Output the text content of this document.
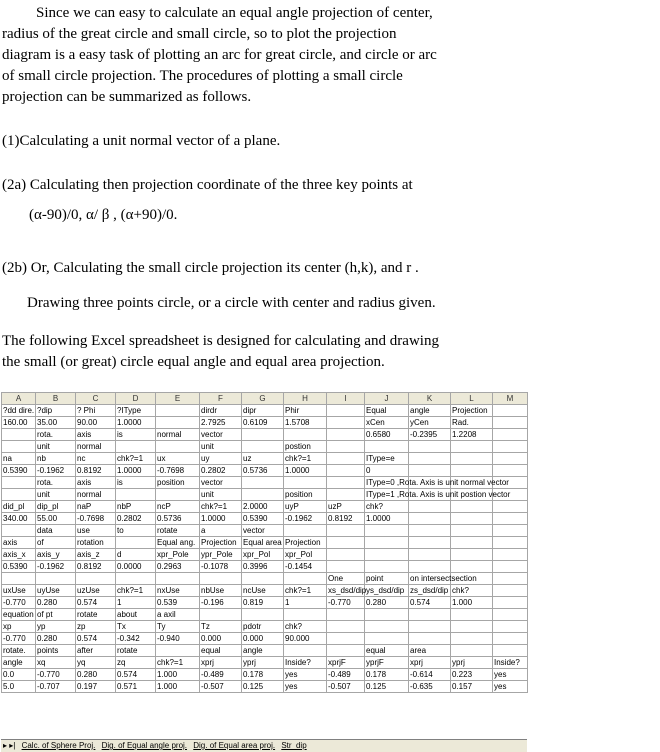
Since we can easy to calculate an equal angle projection of center,

radius of the great circle and small circle, so to plot the projection

diagram is a easy task of plotting an arc for great circle, and circle or arc

of small circle projection. The procedures of plotting a small circle

projection can be summarized as follows.

(1)Calculating a unit normal vector of a plane.

(2a) Calculating then projection coordinate of the three key points at

(α-90)/0, α/ β , (α+90)/0.

(2b) Or, Calculating the small circle projection its center (h,k), and r .

Drawing three points circle, or a circle with center and radius given.

The following Excel spreadsheet is designed for calculating and drawing

the small (or great) circle equal angle and equal area projection.

A	B	C	D	E	F	G	H	I	J	K	L	M
?dd dire.	?dip	? Phi	?IType		dirdr	dipr	Phir		Equal	angle	Projection	
160.00	35.00	90.00	1.0000		2.7925	0.6109	1.5708		xCen	yCen	Rad.	
	rota.	axis	is	normal	vector				0.6580	-0.2395	1.2208	
	unit	normal			unit		postion					
na	nb	nc	chk?=1	ux	uy	uz	chk?=1		IType=e			
0.5390	-0.1962	0.8192	1.0000	-0.7698	0.2802	0.5736	1.0000		0			
	rota.	axis	is	position	vector				IType=0 ,Rota. Axis is unit normal vector			
	unit	normal			unit		position		IType=1 ,Rota. Axis is unit postion vector			
did_pl	dip_pl	naP	nbP	ncP	chk?=1	2.0000	uyP	uzP	chk?			
340.00	55.00	-0.7698	0.2802	0.5736	1.0000	0.5390	-0.1962	0.8192	1.0000			
	data	use	to	rotate	a	vector						
axis	of	rotation		Equal ang.	Projection	Equal area	Projection					
axis_x	axis_y	axis_z	d	xpr_Pole	ypr_Pole	xpr_Pol	xpr_Pol					
0.5390	-0.1962	0.8192	0.0000	0.2963	-0.1078	0.3996	-0.1454					
								One	point	on intersectsection		
uxUse	uyUse	uzUse	chk?=1	nxUse	nbUse	ncUse	chk?=1	xs_dsd/dip	ys_dsd/dip	zs_dsd/dip	chk?	
-0.770	0.280	0.574	1	0.539	-0.196	0.819	1	-0.770	0.280	0.574	1.000	
equation	of pt	rotate	about	a axil								
xp	yp	zp	Tx	Ty	Tz	pdotr	chk?					
-0.770	0.280	0.574	-0.342	-0.940	0.000	0.000	90.000					
rotate.	points	after	rotate		equal	angle			equal	area		
angle	xq	yq	zq	chk?=1	xprj	yprj	Inside?	xprjF	yprjF	xprj	yprj	Inside?
0.0	-0.770	0.280	0.574	1.000	-0.489	0.178	yes	-0.489	0.178	-0.614	0.223	yes
5.0	-0.707	0.197	0.571	1.000	-0.507	0.125	yes	-0.507	0.125	-0.635	0.157	yes
▸ ▸| Calc. of Sphere Proj. Dig. of Equal angle proj. Dig. of Equal area proj. Str_dip
